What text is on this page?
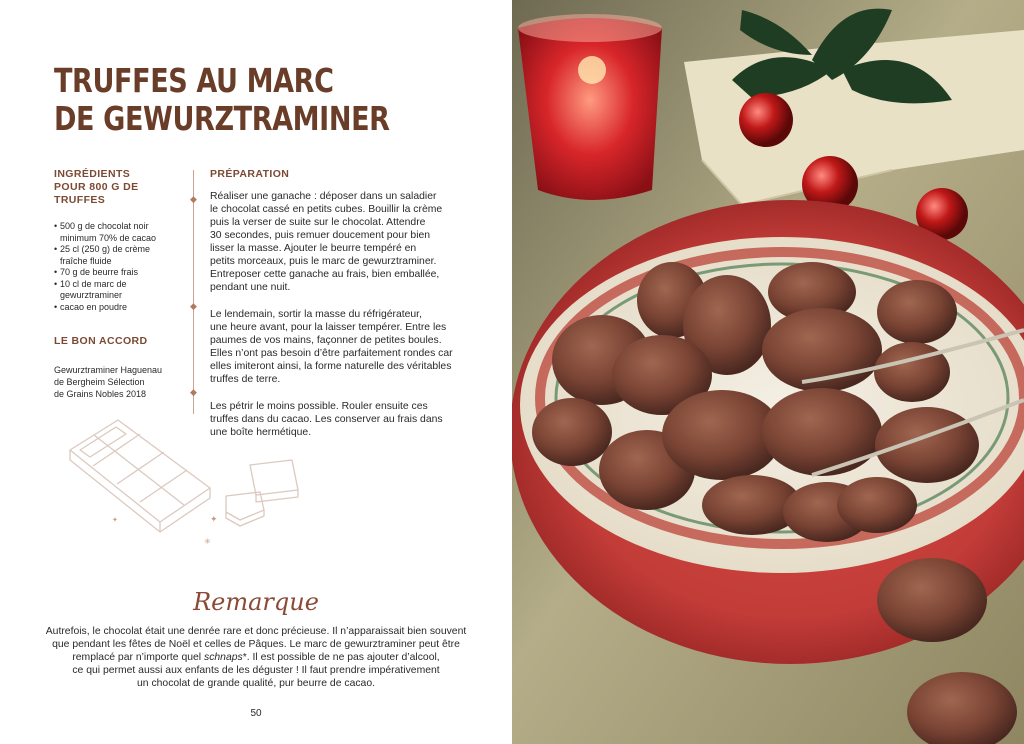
TRUFFES AU MARC
DE GEWURZTRAMINER
INGRÉDIENTS
POUR 800 G DE TRUFFES
• 500 g de chocolat noir
minimum 70% de cacao
• 25 cl (250 g) de crème
fraîche fluide
• 70 g de beurre frais
• 10 cl de marc de
gewurztraminer
• cacao en poudre
LE BON ACCORD
Gewurztraminer Haguenau
de Bergheim Sélection
de Grains Nobles 2018
◆
◆
◆
PRÉPARATION

Réaliser une ganache : déposer dans un saladier
le chocolat cassé en petits cubes. Bouillir la crème
puis la verser de suite sur le chocolat. Attendre
30 secondes, puis remuer doucement pour bien
lisser la masse. Ajouter le beurre tempéré en
petits morceaux, puis le marc de gewurztraminer.
Entreposer cette ganache au frais, bien emballée,
pendant une nuit.

Le lendemain, sortir la masse du réfrigérateur,
une heure avant, pour la laisser tempérer. Entre les
paumes de vos mains, façonner de petites boules.
Elles n’ont pas besoin d’être parfaitement rondes car
elles imiteront ainsi, la forme naturelle des véritables
truffes de terre.

Les pétrir le moins possible. Rouler ensuite ces
truffes dans du cacao. Les conserver au frais dans
une boîte hermétique.

✦
✳
✦
Remarque
Autrefois, le chocolat était une denrée rare et donc précieuse. Il n’apparaissait bien souvent
que pendant les fêtes de Noël et celles de Pâques. Le marc de gewurztraminer peut être
remplacé par n’importe quel schnaps*. Il est possible de ne pas ajouter d’alcool,
ce qui permet aussi aux enfants de les déguster ! Il faut prendre impérativement
un chocolat de grande qualité, pur beurre de cacao.
50
